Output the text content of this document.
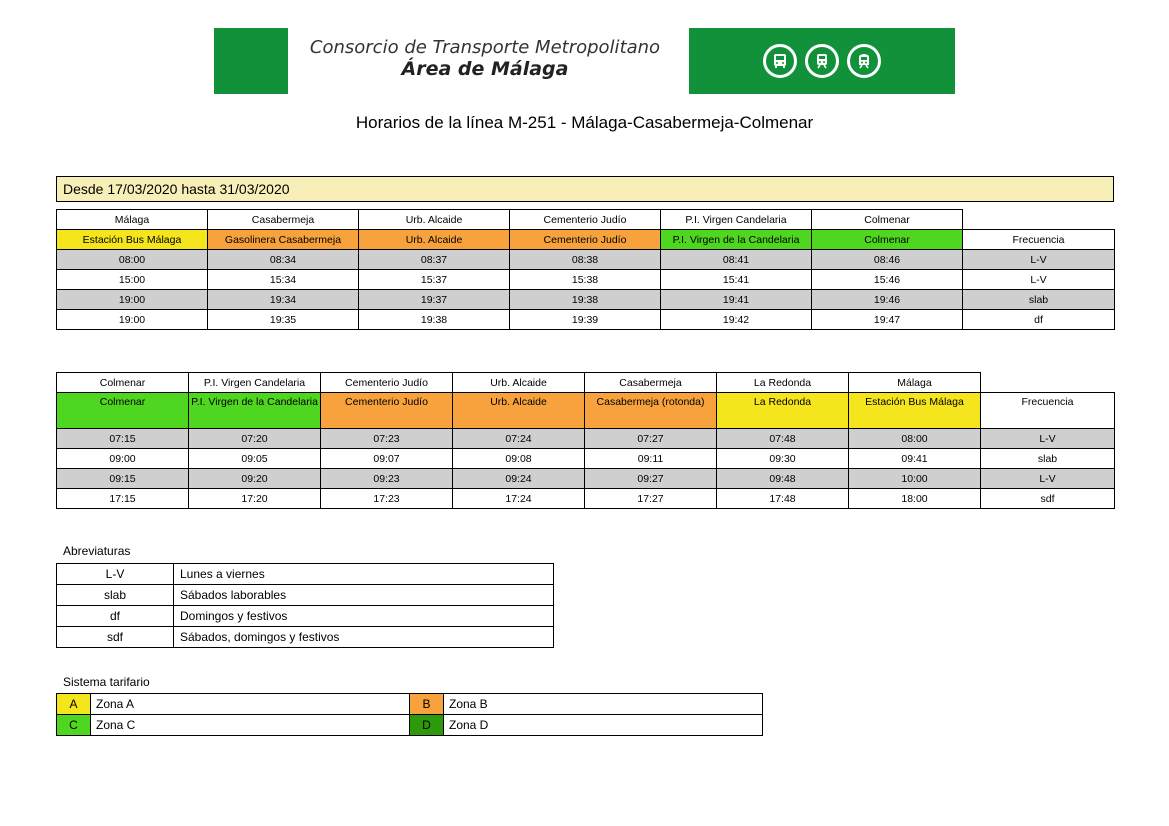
Consorcio de Transporte Metropolitano
Área de Málaga
Horarios de la línea M-251 - Málaga-Casabermeja-Colmenar
Desde 17/03/2020 hasta 31/03/2020
Málaga	Casabermeja	Urb. Alcaide	Cementerio Judío	P.I. Virgen Candelaria	Colmenar	
Estación Bus Málaga	Gasolinera Casabermeja	Urb. Alcaide	Cementerio Judío	P.I. Virgen de la Candelaria	Colmenar	Frecuencia
08:00	08:34	08:37	08:38	08:41	08:46	L-V
15:00	15:34	15:37	15:38	15:41	15:46	L-V
19:00	19:34	19:37	19:38	19:41	19:46	slab
19:00	19:35	19:38	19:39	19:42	19:47	df
Colmenar	P.I. Virgen Candelaria	Cementerio Judío	Urb. Alcaide	Casabermeja	La Redonda	Málaga	
Colmenar	P.I. Virgen de la Candelaria	Cementerio Judío	Urb. Alcaide	Casabermeja (rotonda)	La Redonda	Estación Bus Málaga	Frecuencia
07:15	07:20	07:23	07:24	07:27	07:48	08:00	L-V
09:00	09:05	09:07	09:08	09:11	09:30	09:41	slab
09:15	09:20	09:23	09:24	09:27	09:48	10:00	L-V
17:15	17:20	17:23	17:24	17:27	17:48	18:00	sdf
Abreviaturas
L-V	Lunes a viernes
slab	Sábados laborables
df	Domingos y festivos
sdf	Sábados, domingos y festivos
Sistema tarifario
A	Zona A	B	Zona B
C	Zona C	D	Zona D
